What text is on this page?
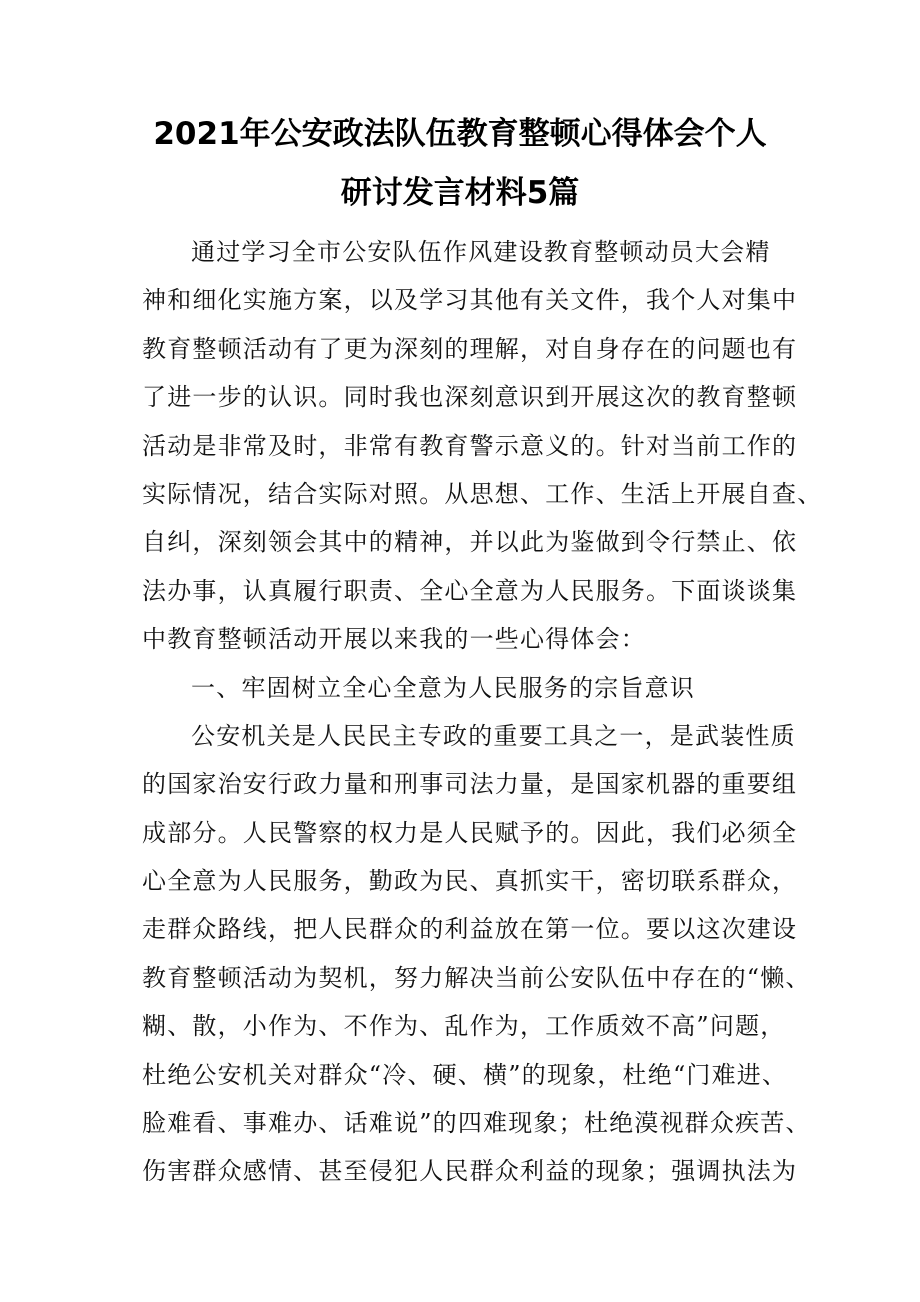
2021年公安政法队伍教育整顿心得体会个人
研讨发言材料5篇
通过学习全市公安队伍作风建设教育整顿动员大会精
神和细化实施方案，以及学习其他有关文件，我个人对集中
教育整顿活动有了更为深刻的理解，对自身存在的问题也有
了进一步的认识。同时我也深刻意识到开展这次的教育整顿
活动是非常及时，非常有教育警示意义的。针对当前工作的
实际情况，结合实际对照。从思想、工作、生活上开展自查、
自纠，深刻领会其中的精神，并以此为鉴做到令行禁止、依
法办事，认真履行职责、全心全意为人民服务。下面谈谈集
中教育整顿活动开展以来我的一些心得体会：
一、牢固树立全心全意为人民服务的宗旨意识
公安机关是人民民主专政的重要工具之一，是武装性质
的国家治安行政力量和刑事司法力量，是国家机器的重要组
成部分。人民警察的权力是人民赋予的。因此，我们必须全
心全意为人民服务，勤政为民、真抓实干，密切联系群众，
走群众路线，把人民群众的利益放在第一位。要以这次建设
教育整顿活动为契机，努力解决当前公安队伍中存在的“懒、
糊、散，小作为、不作为、乱作为，工作质效不高”问题，
杜绝公安机关对群众“冷、硬、横”的现象，杜绝“门难进、
脸难看、事难办、话难说”的四难现象；杜绝漠视群众疾苦、
伤害群众感情、甚至侵犯人民群众利益的现象；强调执法为
